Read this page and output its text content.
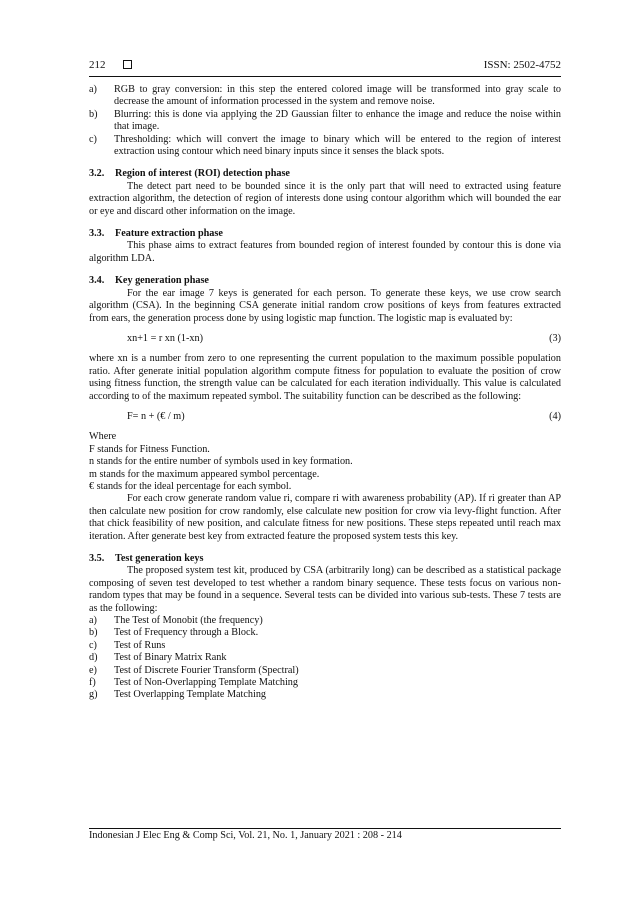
212	ISSN: 2502-4752
a)	RGB to gray conversion: in this step the entered colored image will be transformed into gray scale to decrease the amount of information processed in the system and remove noise.
b)	Blurring: this is done via applying the 2D Gaussian filter to enhance the image and reduce the noise within that image.
c)	Thresholding: which will convert the image to binary which will be entered to the region of interest extraction using contour which need binary inputs since it senses the black spots.
3.2. Region of interest (ROI) detection phase

The detect part need to be bounded since it is the only part that will need to extracted using feature extraction algorithm, the detection of region of interests done using contour algorithm which will bounded the ear or eye and discard other information on the image.

3.3. Feature extraction phase

This phase aims to extract features from bounded region of interest founded by contour this is done via algorithm LDA.

3.4. Key generation phase

For the ear image 7 keys is generated for each person. To generate these keys, we use crow search algorithm (CSA). In the beginning CSA generate initial random crow positions of keys from features extracted from ears, the generation process done by using logistic map function. The logistic map is evaluated by:

xn+1 = r xn (1-xn)	(3)

where xn is a number from zero to one representing the current population to the maximum possible population ratio. After generate initial population algorithm compute fitness for population to evaluate the position of crow using fitness function, the strength value can be calculated for each iteration individually. This value is calculated according to of the maximum repeated symbol. The suitability function can be described as the following:

F= n + (€ / m)	(4)
Where
F stands for Fitness Function.
n stands for the entire number of symbols used in key formation.
m stands for the maximum appeared symbol percentage.
€ stands for the ideal percentage for each symbol.

For each crow generate random value ri, compare ri with awareness probability (AP). If ri greater than AP then calculate new position for crow randomly, else calculate new position for crow via levy-flight function. After that chick feasibility of new position, and calculate fitness for new positions. These steps repeated until reach max iteration. After generate best key from extracted feature the proposed system tests this key.

3.5. Test generation keys

The proposed system test kit, produced by CSA (arbitrarily long) can be described as a statistical package composing of seven test developed to test whether a random binary sequence. These tests focus on various non-random types that may be found in a sequence. Several tests can be divided into various sub-tests. These 7 tests are as the following:

a)	The Test of Monobit (the frequency)
b)	Test of Frequency through a Block.
c)	Test of Runs
d)	Test of Binary Matrix Rank
e)	Test of Discrete Fourier Transform (Spectral)
f)	Test of Non-Overlapping Template Matching
g)	Test Overlapping Template Matching
Indonesian J Elec Eng & Comp Sci, Vol. 21, No. 1, January 2021 : 208 - 214
